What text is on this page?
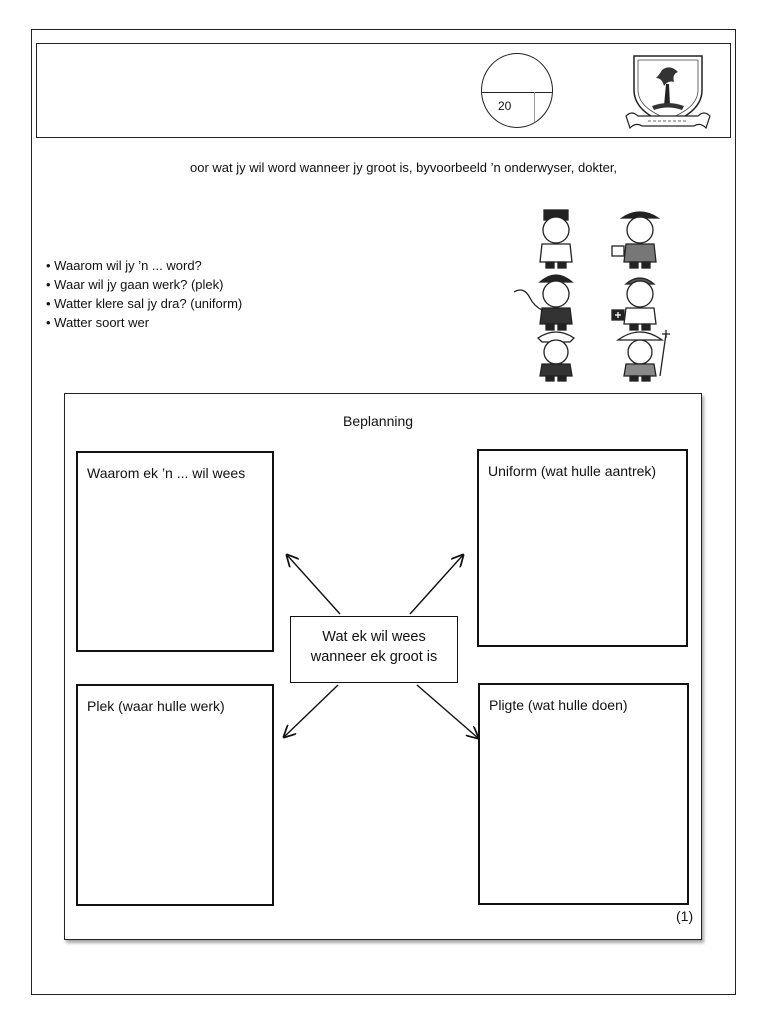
20
oor wat jy wil word wanneer jy groot is, byvoorbeeld ’n onderwyser, dokter,
• Waarom wil jy ’n ... word?
• Waar wil jy gaan werk? (plek)
• Watter klere sal jy dra? (uniform)
• Watter soort wer
Beplanning
Waarom ek ’n ... wil wees	Uniform (wat hulle aantrek)
Plek (waar hulle werk)	Pligte (wat hulle doen)
Wat ek wil wees
wanneer ek groot is
(1)
